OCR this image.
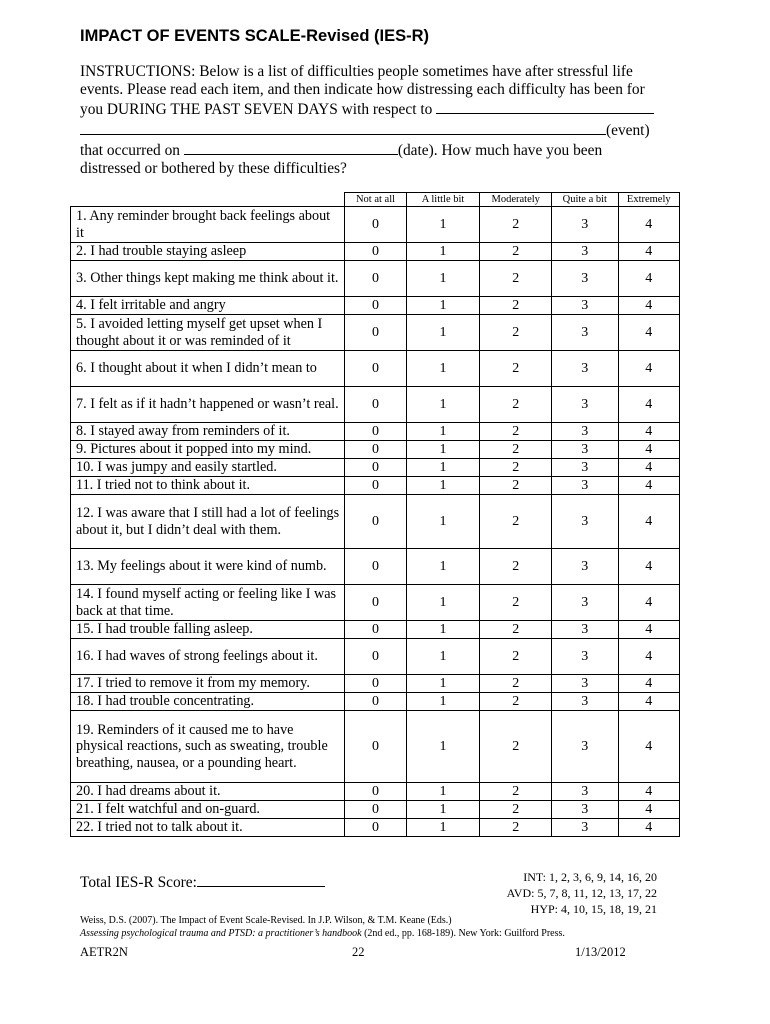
IMPACT OF EVENTS SCALE-Revised (IES-R)
INSTRUCTIONS: Below is a list of difficulties people sometimes have after stressful life
events. Please read each item, and then indicate how distressing each difficulty has been for
you DURING THE PAST SEVEN DAYS with respect to
(event)
that occurred on	(date). How much have you been
distressed or bothered by these difficulties?
	Not at all	A little bit	Moderately	Quite a bit	Extremely
1. Any reminder brought back feelings about it	0	1	2	3	4
2. I had trouble staying asleep	0	1	2	3	4
3. Other things kept making me think about it.	0	1	2	3	4
4. I felt irritable and angry	0	1	2	3	4
5. I avoided letting myself get upset when I thought about it or was reminded of it	0	1	2	3	4
6. I thought about it when I didn’t mean to	0	1	2	3	4
7. I felt as if it hadn’t happened or wasn’t real.	0	1	2	3	4
8. I stayed away from reminders of it.	0	1	2	3	4
9. Pictures about it popped into my mind.	0	1	2	3	4
10. I was jumpy and easily startled.	0	1	2	3	4
11. I tried not to think about it.	0	1	2	3	4
12. I was aware that I still had a lot of feelings about it, but I didn’t deal with them.	0	1	2	3	4
13. My feelings about it were kind of numb.	0	1	2	3	4
14. I found myself acting or feeling like I was back at that time.	0	1	2	3	4
15. I had trouble falling asleep.	0	1	2	3	4
16. I had waves of strong feelings about it.	0	1	2	3	4
17. I tried to remove it from my memory.	0	1	2	3	4
18. I had trouble concentrating.	0	1	2	3	4
19. Reminders of it caused me to have physical reactions, such as sweating, trouble breathing, nausea, or a pounding heart.	0	1	2	3	4
20. I had dreams about it.	0	1	2	3	4
21. I felt watchful and on-guard.	0	1	2	3	4
22. I tried not to talk about it.	0	1	2	3	4
Total IES-R Score:	INT: 1, 2, 3, 6, 9, 14, 16, 20
AVD: 5, 7, 8, 11, 12, 13, 17, 22
HYP: 4, 10, 15, 18, 19, 21
Weiss, D.S. (2007). The Impact of Event Scale-Revised. In J.P. Wilson, & T.M. Keane (Eds.)
Assessing psychological trauma and PTSD: a practitioner’s handbook (2nd ed., pp. 168-189). New York: Guilford Press.
AETR2N	22	1/13/2012
